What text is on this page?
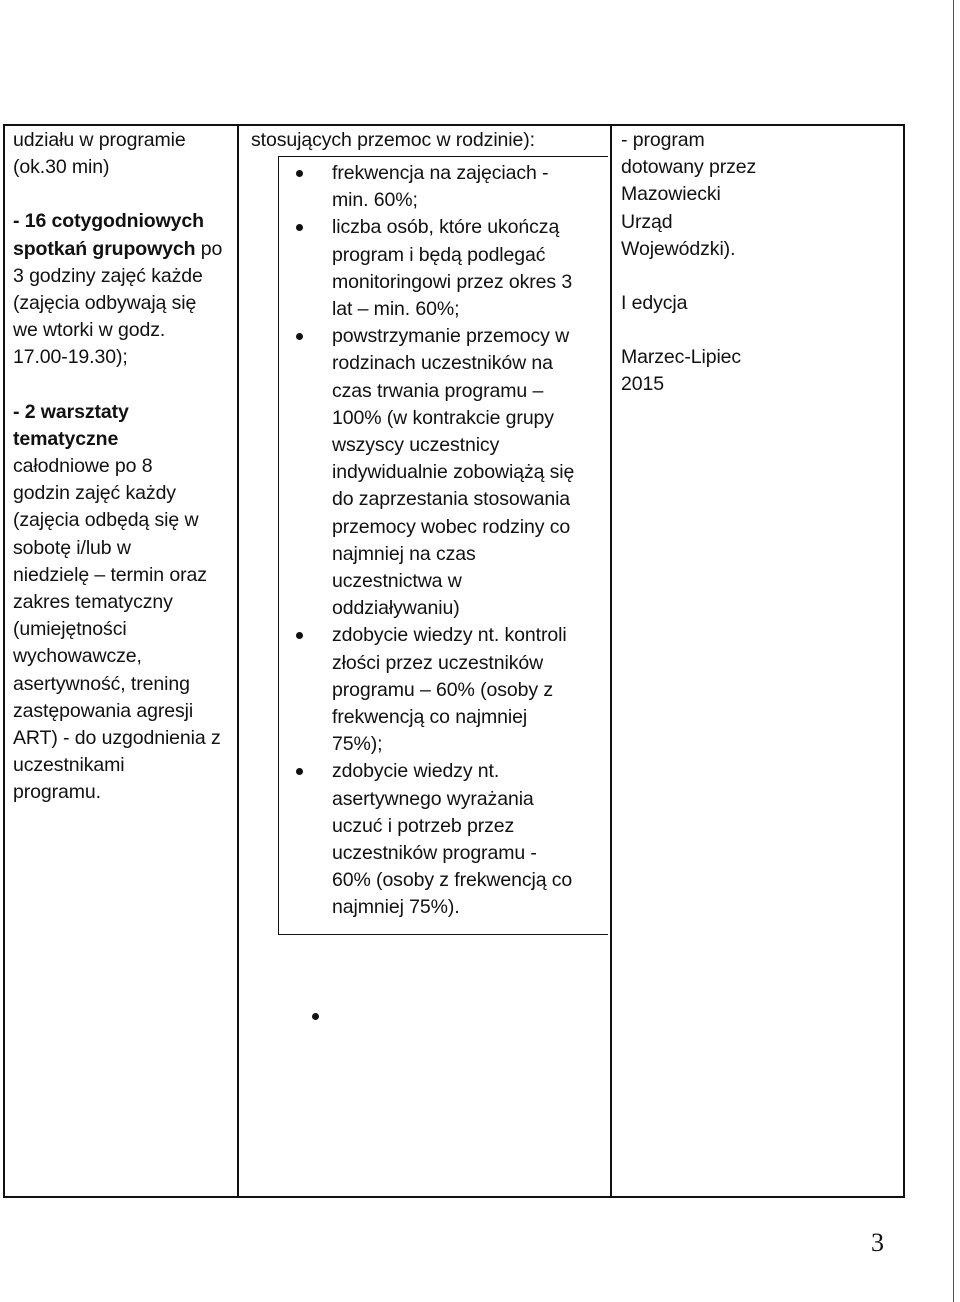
udziału w programie

(ok.30 min)

- 16 cotygodniowych

spotkań grupowych po

3 godziny zajęć każde

(zajęcia odbywają się

we wtorki w godz.

17.00-19.30);

- 2 warsztaty

tematyczne

całodniowe po 8

godzin zajęć każdy

(zajęcia odbędą się w

sobotę i/lub w

niedzielę – termin oraz

zakres tematyczny

(umiejętności

wychowawcze,

asertywność, trening

zastępowania agresji

ART) - do uzgodnienia z

uczestnikami

programu.

stosujących przemoc w rodzinie):

frekwencja na zajęciach -
min. 60%;
liczba osób, które ukończą
program i będą podlegać
monitoringowi przez okres 3
lat – min. 60%;
powstrzymanie przemocy w
rodzinach uczestników na
czas trwania programu –
100% (w kontrakcie grupy
wszyscy uczestnicy
indywidualnie zobowiążą się
do zaprzestania stosowania
przemocy wobec rodziny co
najmniej na czas
uczestnictwa w
oddziaływaniu)
zdobycie wiedzy nt. kontroli
złości przez uczestników
programu – 60% (osoby z
frekwencją co najmniej
75%);
zdobycie wiedzy nt.
asertywnego wyrażania
uczuć i potrzeb przez
uczestników programu -
60% (osoby z frekwencją co
najmniej 75%).

- program

dotowany przez

Mazowiecki

Urząd

Wojewódzki).

I edycja

Marzec-Lipiec

2015

3
